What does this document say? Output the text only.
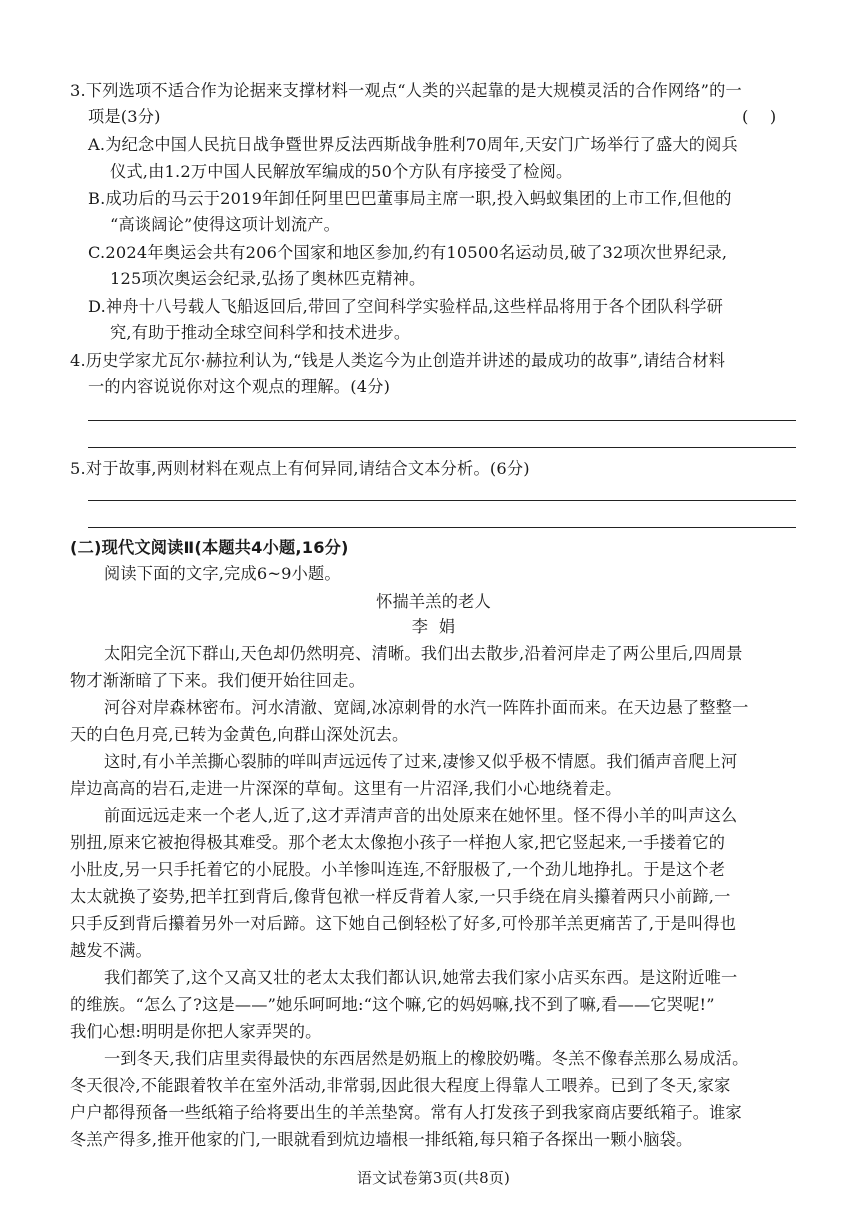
3.下列选项不适合作为论据来支撑材料一观点“人类的兴起靠的是大规模灵活的合作网络”的一
项是(3分)	(    )
A.为纪念中国人民抗日战争暨世界反法西斯战争胜利70周年,天安门广场举行了盛大的阅兵
仪式,由1.2万中国人民解放军编成的50个方队有序接受了检阅。
B.成功后的马云于2019年卸任阿里巴巴董事局主席一职,投入蚂蚁集团的上市工作,但他的
“高谈阔论”使得这项计划流产。
C.2024年奥运会共有206个国家和地区参加,约有10500名运动员,破了32项次世界纪录,
125项次奥运会纪录,弘扬了奥林匹克精神。
D.神舟十八号载人飞船返回后,带回了空间科学实验样品,这些样品将用于各个团队科学研
究,有助于推动全球空间科学和技术进步。
4.历史学家尤瓦尔·赫拉利认为,“钱是人类迄今为止创造并讲述的最成功的故事”,请结合材料
一的内容说说你对这个观点的理解。(4分)
5.对于故事,两则材料在观点上有何异同,请结合文本分析。(6分)
(二)现代文阅读Ⅱ(本题共4小题,16分)
阅读下面的文字,完成6~9小题。
怀揣羊羔的老人
李  娟
太阳完全沉下群山,天色却仍然明亮、清晰。我们出去散步,沿着河岸走了两公里后,四周景
物才渐渐暗了下来。我们便开始往回走。
河谷对岸森林密布。河水清澈、宽阔,冰凉刺骨的水汽一阵阵扑面而来。在天边悬了整整一
天的白色月亮,已转为金黄色,向群山深处沉去。
这时,有小羊羔撕心裂肺的咩叫声远远传了过来,凄惨又似乎极不情愿。我们循声音爬上河
岸边高高的岩石,走进一片深深的草甸。这里有一片沼泽,我们小心地绕着走。
前面远远走来一个老人,近了,这才弄清声音的出处原来在她怀里。怪不得小羊的叫声这么
别扭,原来它被抱得极其难受。那个老太太像抱小孩子一样抱人家,把它竖起来,一手搂着它的
小肚皮,另一只手托着它的小屁股。小羊惨叫连连,不舒服极了,一个劲儿地挣扎。于是这个老
太太就换了姿势,把羊扛到背后,像背包袱一样反背着人家,一只手绕在肩头攥着两只小前蹄,一
只手反到背后攥着另外一对后蹄。这下她自己倒轻松了好多,可怜那羊羔更痛苦了,于是叫得也
越发不满。
我们都笑了,这个又高又壮的老太太我们都认识,她常去我们家小店买东西。是这附近唯一
的维族。“怎么了?这是——”她乐呵呵地:“这个嘛,它的妈妈嘛,找不到了嘛,看——它哭呢!”
我们心想:明明是你把人家弄哭的。
一到冬天,我们店里卖得最快的东西居然是奶瓶上的橡胶奶嘴。冬羔不像春羔那么易成活。
冬天很冷,不能跟着牧羊在室外活动,非常弱,因此很大程度上得靠人工喂养。已到了冬天,家家
户户都得预备一些纸箱子给将要出生的羊羔垫窝。常有人打发孩子到我家商店要纸箱子。谁家
冬羔产得多,推开他家的门,一眼就看到炕边墙根一排纸箱,每只箱子各探出一颗小脑袋。
语文试卷第3页(共8页)
